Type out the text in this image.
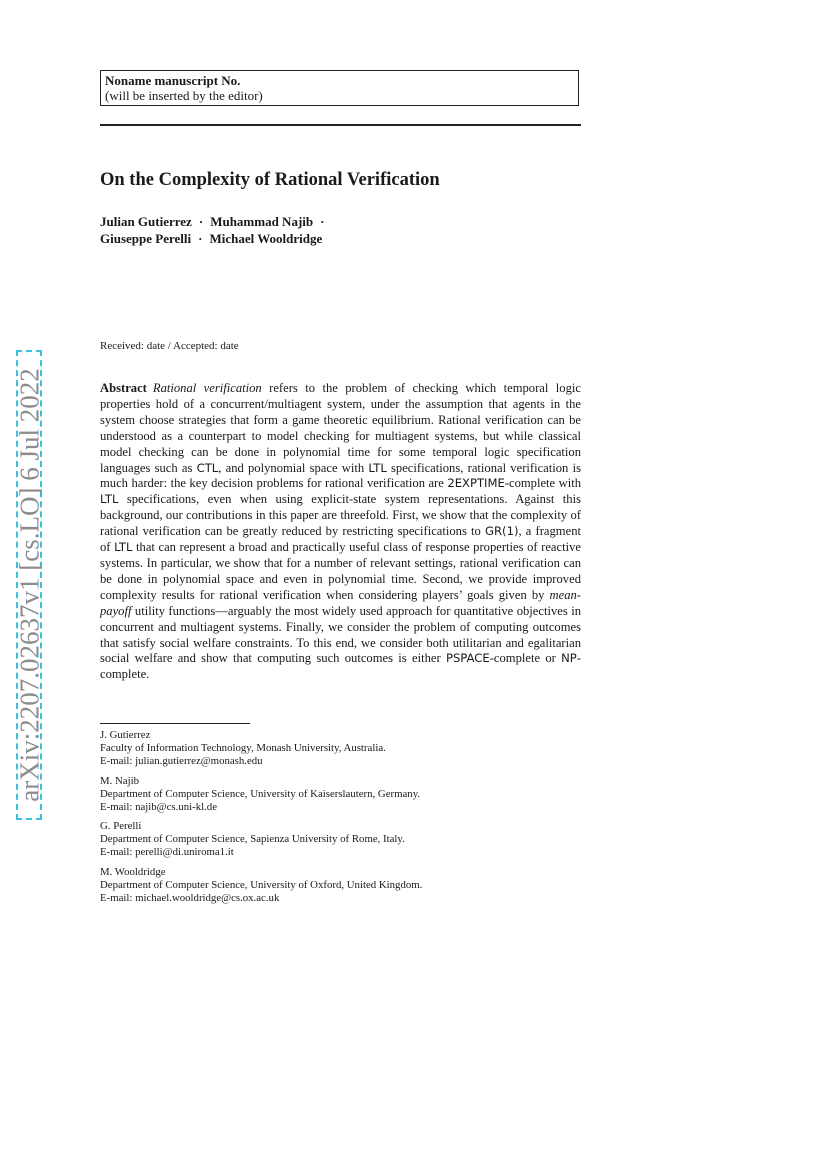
Noname manuscript No.
(will be inserted by the editor)
On the Complexity of Rational Verification
Julian Gutierrez · Muhammad Najib ·
Giuseppe Perelli · Michael Wooldridge
Received: date / Accepted: date
Abstract Rational verification refers to the problem of checking which temporal logic properties hold of a concurrent/multiagent system, under the assumption that agents in the system choose strategies that form a game theoretic equilibrium. Rational verification can be understood as a counterpart to model checking for multiagent systems, but while classical model checking can be done in polynomial time for some temporal logic specification languages such as CTL, and polynomial space with LTL specifications, rational verification is much harder: the key decision problems for rational verification are 2EXPTIME-complete with LTL specifications, even when using explicit-state system representations. Against this background, our contributions in this paper are threefold. First, we show that the complexity of rational verification can be greatly reduced by restricting specifications to GR(1), a fragment of LTL that can represent a broad and practically useful class of response properties of reactive systems. In particular, we show that for a number of relevant settings, rational verification can be done in polynomial space and even in polynomial time. Second, we provide improved complexity results for rational verification when considering players’ goals given by mean-payoff utility functions—arguably the most widely used approach for quantitative objectives in concurrent and multiagent systems. Finally, we consider the problem of computing outcomes that satisfy social welfare constraints. To this end, we consider both utilitarian and egalitarian social welfare and show that computing such outcomes is either PSPACE-complete or NP-complete.
J. Gutierrez
Faculty of Information Technology, Monash University, Australia.
E-mail: julian.gutierrez@monash.edu
M. Najib
Department of Computer Science, University of Kaiserslautern, Germany.
E-mail: najib@cs.uni-kl.de
G. Perelli
Department of Computer Science, Sapienza University of Rome, Italy.
E-mail: perelli@di.uniroma1.it
M. Wooldridge
Department of Computer Science, University of Oxford, United Kingdom.
E-mail: michael.wooldridge@cs.ox.ac.uk
arXiv:2207.02637v1 [cs.LO] 6 Jul 2022
